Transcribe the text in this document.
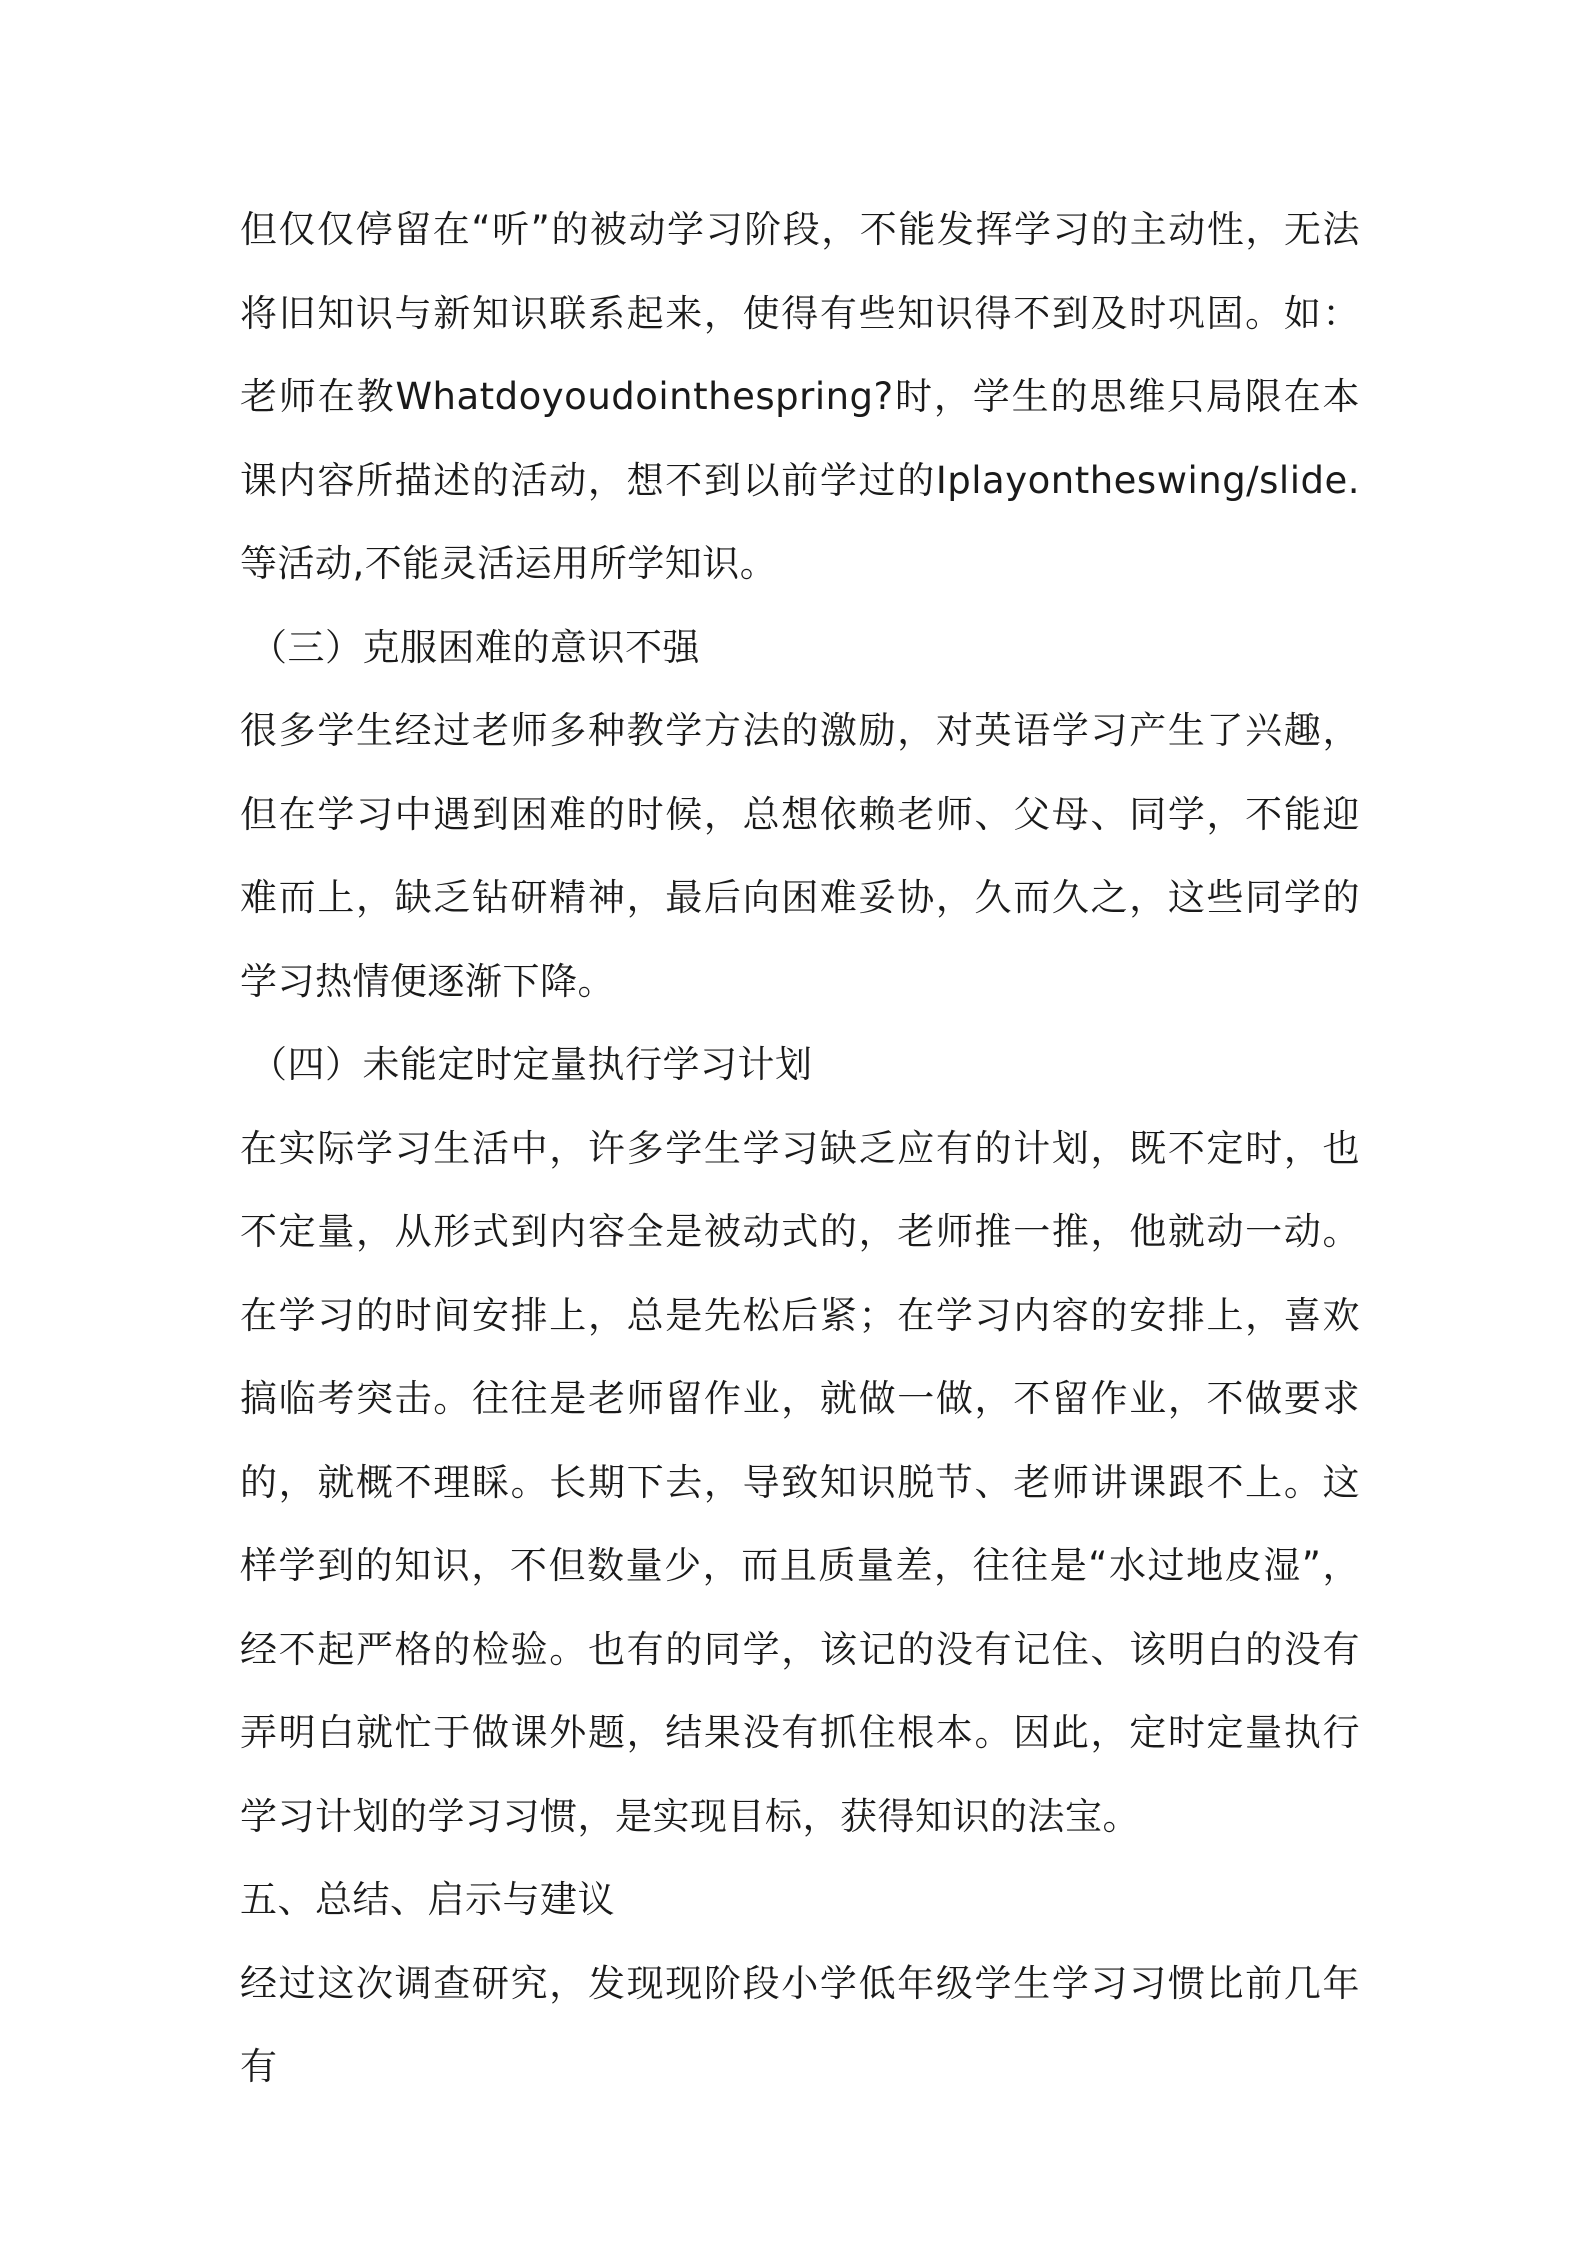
但仅仅停留在“听”的被动学习阶段，不能发挥学习的主动性，无法将旧知识与新知识联系起来，使得有些知识得不到及时巩固。如：老师在教Whatdoyoudointhespring?时，学生的思维只局限在本课内容所描述的活动，想不到以前学过的Iplayontheswing/slide.等活动,不能灵活运用所学知识。

（三）克服困难的意识不强

很多学生经过老师多种教学方法的激励，对英语学习产生了兴趣，但在学习中遇到困难的时候，总想依赖老师、父母、同学，不能迎难而上，缺乏钻研精神，最后向困难妥协，久而久之，这些同学的学习热情便逐渐下降。

（四）未能定时定量执行学习计划

在实际学习生活中，许多学生学习缺乏应有的计划，既不定时，也不定量，从形式到内容全是被动式的，老师推一推，他就动一动。在学习的时间安排上，总是先松后紧；在学习内容的安排上，喜欢搞临考突击。往往是老师留作业，就做一做，不留作业，不做要求的，就概不理睬。长期下去，导致知识脱节、老师讲课跟不上。这样学到的知识，不但数量少，而且质量差，往往是“水过地皮湿”，经不起严格的检验。也有的同学，该记的没有记住、该明白的没有弄明白就忙于做课外题，结果没有抓住根本。因此，定时定量执行学习计划的学习习惯，是实现目标，获得知识的法宝。

五、总结、启示与建议

经过这次调查研究，发现现阶段小学低年级学生学习习惯比前几年有
